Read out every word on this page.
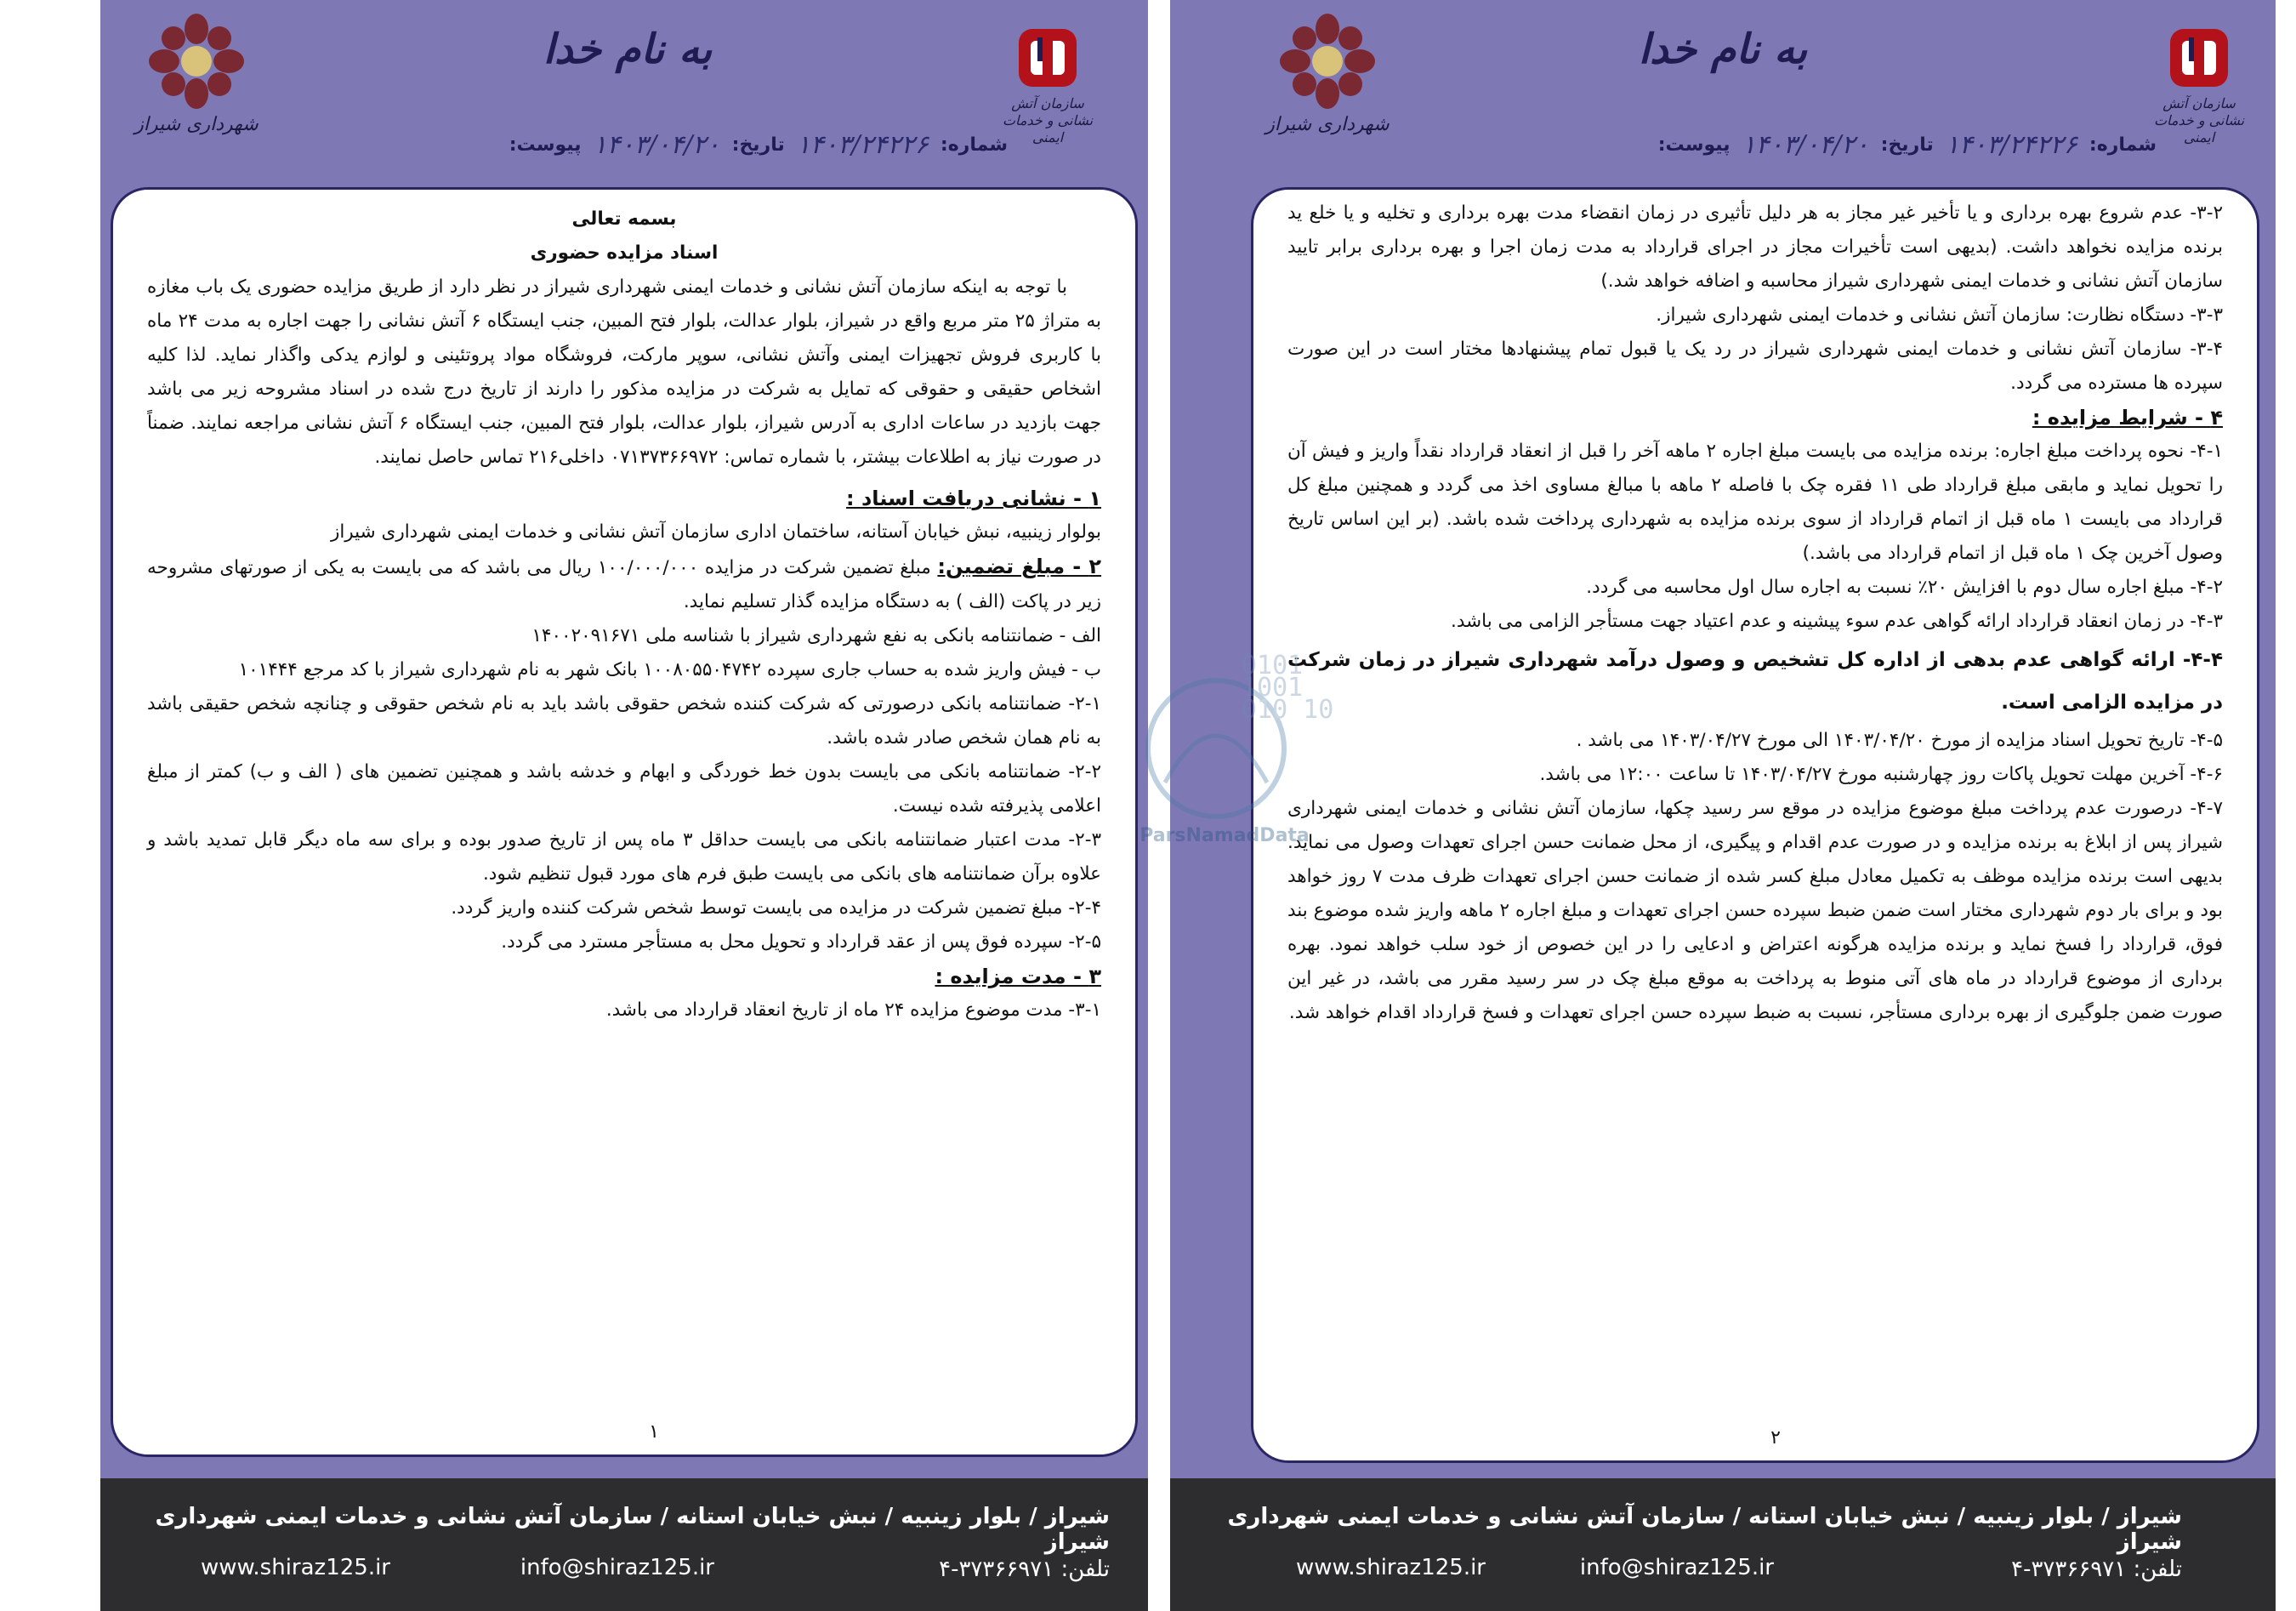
شهرداری شیراز
به نام خدا
سازمان آتش نشانی و خدمات ایمنی
شماره:
۱۴۰۳/۲۴۲۲۶
تاریخ:
۱۴۰۳/۰۴/۲۰
پیوست:

بسمه تعالی

اسناد مزایده حضوری

با توجه به اینکه سازمان آتش نشانی و خدمات ایمنی شهرداری شیراز در نظر دارد از طریق مزایده حضوری یک باب مغازه به متراژ ۲۵ متر مربع واقع در شیراز، بلوار عدالت، بلوار فتح المبین، جنب ایستگاه ۶ آتش نشانی را جهت اجاره به مدت ۲۴ ماه با کاربری فروش تجهیزات ایمنی وآتش نشانی، سوپر مارکت، فروشگاه مواد پروتئینی و لوازم یدکی واگذار نماید. لذا کلیه اشخاص حقیقی و حقوقی که تمایل به شرکت در مزایده مذکور را دارند از تاریخ درج شده در اسناد مشروحه زیر می باشد جهت بازدید در ساعات اداری به آدرس شیراز، بلوار عدالت، بلوار فتح المبین، جنب ایستگاه ۶ آتش نشانی مراجعه نمایند. ضمناً در صورت نیاز به اطلاعات بیشتر، با شماره تماس: ۰۷۱۳۷۳۶۶۹۷۲ داخلی۲۱۶ تماس حاصل نمایند.

۱ - نشانی دریافت اسناد :

بولوار زینبیه، نبش خیابان آستانه، ساختمان اداری سازمان آتش نشانی و خدمات ایمنی شهرداری شیراز

۲ - مبلغ تضمین: مبلغ تضمین شرکت در مزایده ۱۰۰/۰۰۰/۰۰۰ ریال می باشد که می بایست به یکی از صورتهای مشروحه زیر در پاکت (الف ) به دستگاه مزایده گذار تسلیم نماید.

الف - ضمانتنامه بانکی به نفع شهرداری شیراز با شناسه ملی ۱۴۰۰۲۰۹۱۶۷۱

ب - فیش واریز شده به حساب جاری سپرده ۱۰۰۸۰۵۵۰۴۷۴۲ بانک شهر به نام شهرداری شیراز با کد مرجع ۱۰۱۴۴۴

۲-۱- ضمانتنامه بانکی درصورتی که شرکت کننده شخص حقوقی باشد باید به نام شخص حقوقی و چنانچه شخص حقیقی باشد به نام همان شخص صادر شده باشد.

۲-۲- ضمانتنامه بانکی می بایست بدون خط خوردگی و ابهام و خدشه باشد و همچنین تضمین های ( الف و ب) کمتر از مبلغ اعلامی پذیرفته شده نیست.

۲-۳- مدت اعتبار ضمانتنامه بانکی می بایست حداقل ۳ ماه پس از تاریخ صدور بوده و برای سه ماه دیگر قابل تمدید باشد و علاوه برآن ضمانتنامه های بانکی می بایست طبق فرم های مورد قبول تنظیم شود.

۲-۴- مبلغ تضمین شرکت در مزایده می بایست توسط شخص شرکت کننده واریز گردد.

۲-۵- سپرده فوق پس از عقد قرارداد و تحویل محل به مستأجر مسترد می گردد.

۳ - مدت مزایده :

۳-۱- مدت موضوع مزایده ۲۴ ماه از تاریخ انعقاد قرارداد می باشد.

۱
شیراز / بلوار زینبیه / نبش خیابان استانه / سازمان آتش نشانی و خدمات ایمنی شهرداری شیراز
تلفن: ۳۷۳۶۶۹۷۱-۴
info@shiraz125.ir
www.shiraz125.ir
شهرداری شیراز
به نام خدا
سازمان آتش نشانی و خدمات ایمنی
شماره:
۱۴۰۳/۲۴۲۲۶
تاریخ:
۱۴۰۳/۰۴/۲۰
پیوست:

۳-۲- عدم شروع بهره برداری و یا تأخیر غیر مجاز به هر دلیل تأثیری در زمان انقضاء مدت بهره برداری و تخلیه و یا خلع ید برنده مزایده نخواهد داشت. (بدیهی است تأخیرات مجاز در اجرای قرارداد به مدت زمان اجرا و بهره برداری برابر تایید سازمان آتش نشانی و خدمات ایمنی شهرداری شیراز محاسبه و اضافه خواهد شد.)

۳-۳- دستگاه نظارت: سازمان آتش نشانی و خدمات ایمنی شهرداری شیراز.

۳-۴- سازمان آتش نشانی و خدمات ایمنی شهرداری شیراز در رد یک یا قبول تمام پیشنهادها مختار است در این صورت سپرده ها مسترده می گردد.

۴ - شرایط مزایده :

۴-۱- نحوه پرداخت مبلغ اجاره: برنده مزایده می بایست مبلغ اجاره ۲ ماهه آخر را قبل از انعقاد قرارداد نقداً واریز و فیش آن را تحویل نماید و مابقی مبلغ قرارداد طی ۱۱ فقره چک با فاصله ۲ ماهه با مبالغ مساوی اخذ می گردد و همچنین مبلغ کل قرارداد می بایست ۱ ماه قبل از اتمام قرارداد از سوی برنده مزایده به شهرداری پرداخت شده باشد. (بر این اساس تاریخ وصول آخرین چک ۱ ماه قبل از اتمام قرارداد می باشد.)

۴-۲- مبلغ اجاره سال دوم با افزایش ۲۰٪ نسبت به اجاره سال اول محاسبه می گردد.

۴-۳- در زمان انعقاد قرارداد ارائه گواهی عدم سوء پیشینه و عدم اعتیاد جهت مستأجر الزامی می باشد.

۴-۴- ارائه گواهی عدم بدهی از اداره کل تشخیص و وصول درآمد شهرداری شیراز در زمان شرکت در مزایده الزامی است.

۴-۵- تاریخ تحویل اسناد مزایده از مورخ ۱۴۰۳/۰۴/۲۰ الی مورخ ۱۴۰۳/۰۴/۲۷ می باشد .

۴-۶- آخرین مهلت تحویل پاکات روز چهارشنبه مورخ ۱۴۰۳/۰۴/۲۷ تا ساعت ۱۲:۰۰ می باشد.

۴-۷- درصورت عدم پرداخت مبلغ موضوع مزایده در موقع سر رسید چکها، سازمان آتش نشانی و خدمات ایمنی شهرداری شیراز پس از ابلاغ به برنده مزایده و در صورت عدم اقدام و پیگیری، از محل ضمانت حسن اجرای تعهدات وصول می نماید. بدیهی است برنده مزایده موظف به تکمیل معادل مبلغ کسر شده از ضمانت حسن اجرای تعهدات ظرف مدت ۷ روز خواهد بود و برای بار دوم شهرداری مختار است ضمن ضبط سپرده حسن اجرای تعهدات و مبلغ اجاره ۲ ماهه واریز شده موضوع بند فوق، قرارداد را فسخ نماید و برنده مزایده هرگونه اعتراض و ادعایی را در این خصوص از خود سلب خواهد نمود. بهره برداری از موضوع قرارداد در ماه های آتی منوط به پرداخت به موقع مبلغ چک در سر رسید مقرر می باشد، در غیر این صورت ضمن جلوگیری از بهره برداری مستأجر، نسبت به ضبط سپرده حسن اجرای تعهدات و فسخ قرارداد اقدام خواهد شد.

۲
شیراز / بلوار زینبیه / نبش خیابان استانه / سازمان آتش نشانی و خدمات ایمنی شهرداری شیراز
تلفن: ۳۷۳۶۶۹۷۱-۴
info@shiraz125.ir
www.shiraz125.ir
0101 1001 010 10
ParsNamadData
